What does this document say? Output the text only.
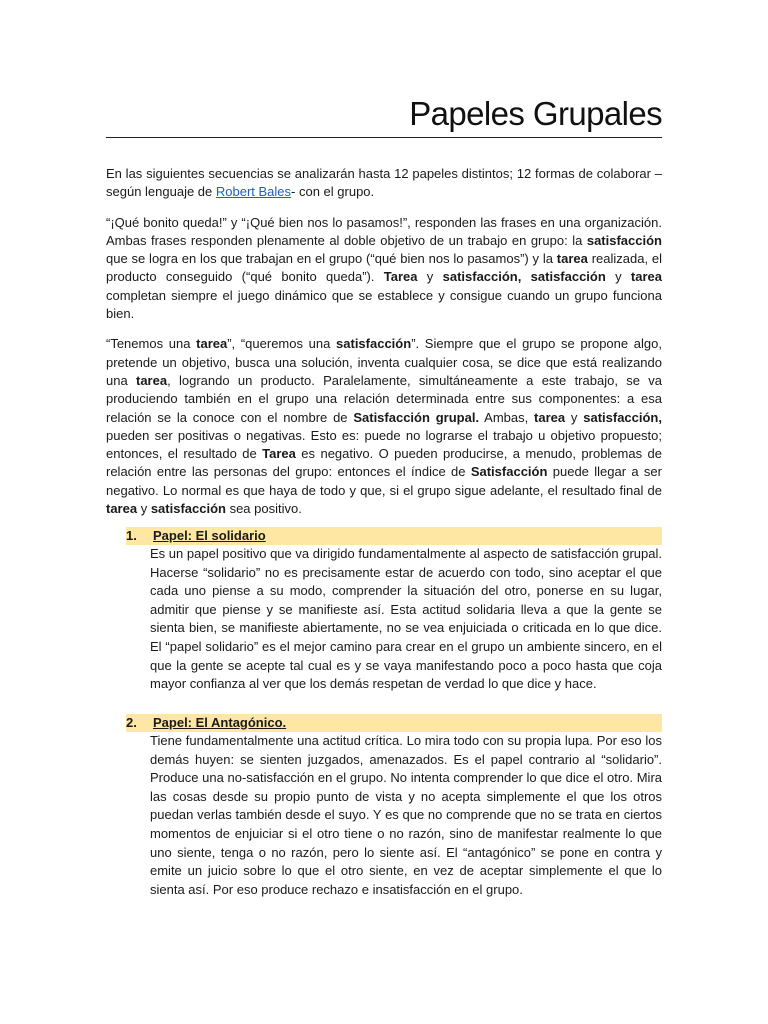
Papeles Grupales

En las siguientes secuencias se analizarán hasta 12 papeles distintos; 12 formas de colaborar –según lenguaje de Robert Bales- con el grupo.

“¡Qué bonito queda!” y “¡Qué bien nos lo pasamos!”, responden las frases en una organización. Ambas frases responden plenamente al doble objetivo de un trabajo en grupo: la satisfacción que se logra en los que trabajan en el grupo (“qué bien nos lo pasamos”) y la tarea realizada, el producto conseguido (“qué bonito queda”). Tarea y satisfacción, satisfacción y tarea completan siempre el juego dinámico que se establece y consigue cuando un grupo funciona bien.

“Tenemos una tarea”, “queremos una satisfacción”. Siempre que el grupo se propone algo, pretende un objetivo, busca una solución, inventa cualquier cosa, se dice que está realizando una tarea, logrando un producto. Paralelamente, simultáneamente a este trabajo, se va produciendo también en el grupo una relación determinada entre sus componentes: a esa relación se la conoce con el nombre de Satisfacción grupal. Ambas, tarea y satisfacción, pueden ser positivas o negativas. Esto es: puede no lograrse el trabajo u objetivo propuesto; entonces, el resultado de Tarea es negativo. O pueden producirse, a menudo, problemas de relación entre las personas del grupo: entonces el índice de Satisfacción puede llegar a ser negativo. Lo normal es que haya de todo y que, si el grupo sigue adelante, el resultado final de tarea y satisfacción sea positivo.

1.	Papel: El solidario
Es un papel positivo que va dirigido fundamentalmente al aspecto de satisfacción grupal. Hacerse “solidario” no es precisamente estar de acuerdo con todo, sino aceptar el que cada uno piense a su modo, comprender la situación del otro, ponerse en su lugar, admitir que piense y se manifieste así. Esta actitud solidaria lleva a que la gente se sienta bien, se manifieste abiertamente, no se vea enjuiciada o criticada en lo que dice. El “papel solidario” es el mejor camino para crear en el grupo un ambiente sincero, en el que la gente se acepte tal cual es y se vaya manifestando poco a poco hasta que coja mayor confianza al ver que los demás respetan de verdad lo que dice y hace.
2.	Papel: El Antagónico.
Tiene fundamentalmente una actitud crítica. Lo mira todo con su propia lupa. Por eso los demás huyen: se sienten juzgados, amenazados. Es el papel contrario al “solidario”. Produce una no-satisfacción en el grupo. No intenta comprender lo que dice el otro. Mira las cosas desde su propio punto de vista y no acepta simplemente el que los otros puedan verlas también desde el suyo. Y es que no comprende que no se trata en ciertos momentos de enjuiciar si el otro tiene o no razón, sino de manifestar realmente lo que uno siente, tenga o no razón, pero lo siente así. El “antagónico” se pone en contra y emite un juicio sobre lo que el otro siente, en vez de aceptar simplemente el que lo sienta así. Por eso produce rechazo e insatisfacción en el grupo.
